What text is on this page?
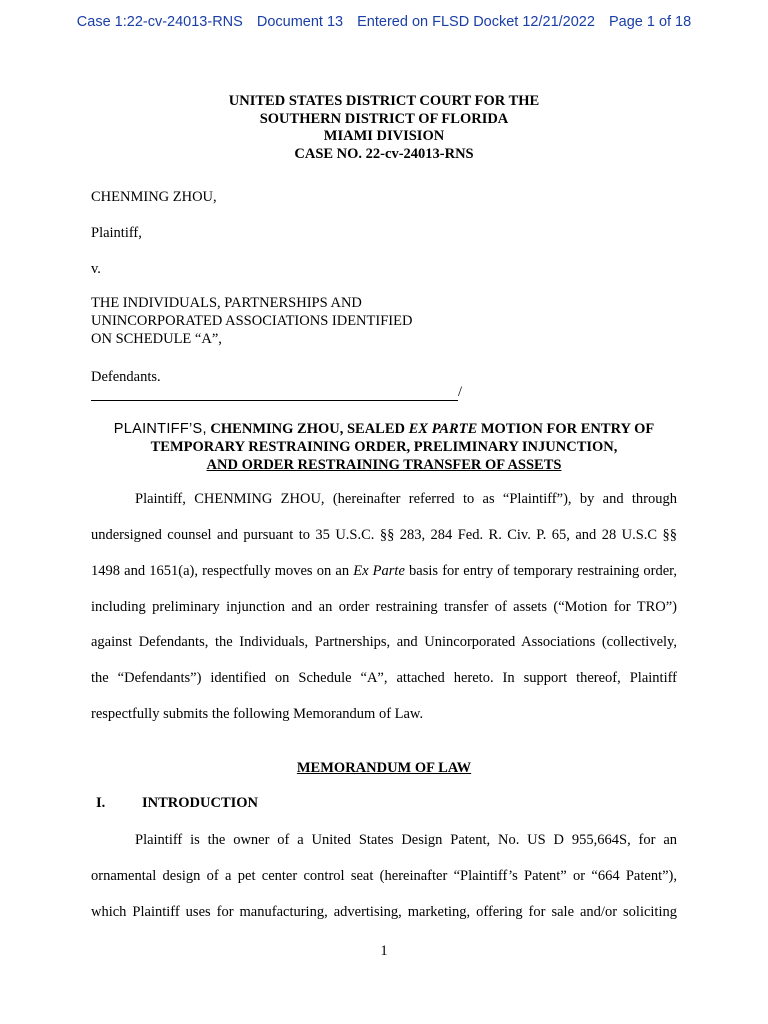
Case 1:22-cv-24013-RNS Document 13 Entered on FLSD Docket 12/21/2022 Page 1 of 18
UNITED STATES DISTRICT COURT FOR THE
SOUTHERN DISTRICT OF FLORIDA
MIAMI DIVISION
CASE NO. 22-cv-24013-RNS
CHENMING ZHOU,
Plaintiff,
v.
THE INDIVIDUALS, PARTNERSHIPS AND
UNINCORPORATED ASSOCIATIONS IDENTIFIED
ON SCHEDULE “A”,
Defendants.
/
PLAINTIFF’S, CHENMING ZHOU, SEALED EX PARTE MOTION FOR ENTRY OF
TEMPORARY RESTRAINING ORDER, PRELIMINARY INJUNCTION,
AND ORDER RESTRAINING TRANSFER OF ASSETS
Plaintiff, CHENMING ZHOU, (hereinafter referred to as “Plaintiff”), by and through
undersigned counsel and pursuant to 35 U.S.C. §§ 283, 284 Fed. R. Civ. P. 65, and 28 U.S.C §§
1498 and 1651(a), respectfully moves on an Ex Parte basis for entry of temporary restraining order,
including preliminary injunction and an order restraining transfer of assets (“Motion for TRO”)
against Defendants, the Individuals, Partnerships, and Unincorporated Associations (collectively,
the “Defendants”) identified on Schedule “A”, attached hereto. In support thereof, Plaintiff
respectfully submits the following Memorandum of Law.
MEMORANDUM OF LAW
I.	INTRODUCTION
Plaintiff is the owner of a United States Design Patent, No. US D 955,664S, for an
ornamental design of a pet center control seat (hereinafter “Plaintiff’s Patent” or “664 Patent”),
which Plaintiff uses for manufacturing, advertising, marketing, offering for sale and/or soliciting
1
